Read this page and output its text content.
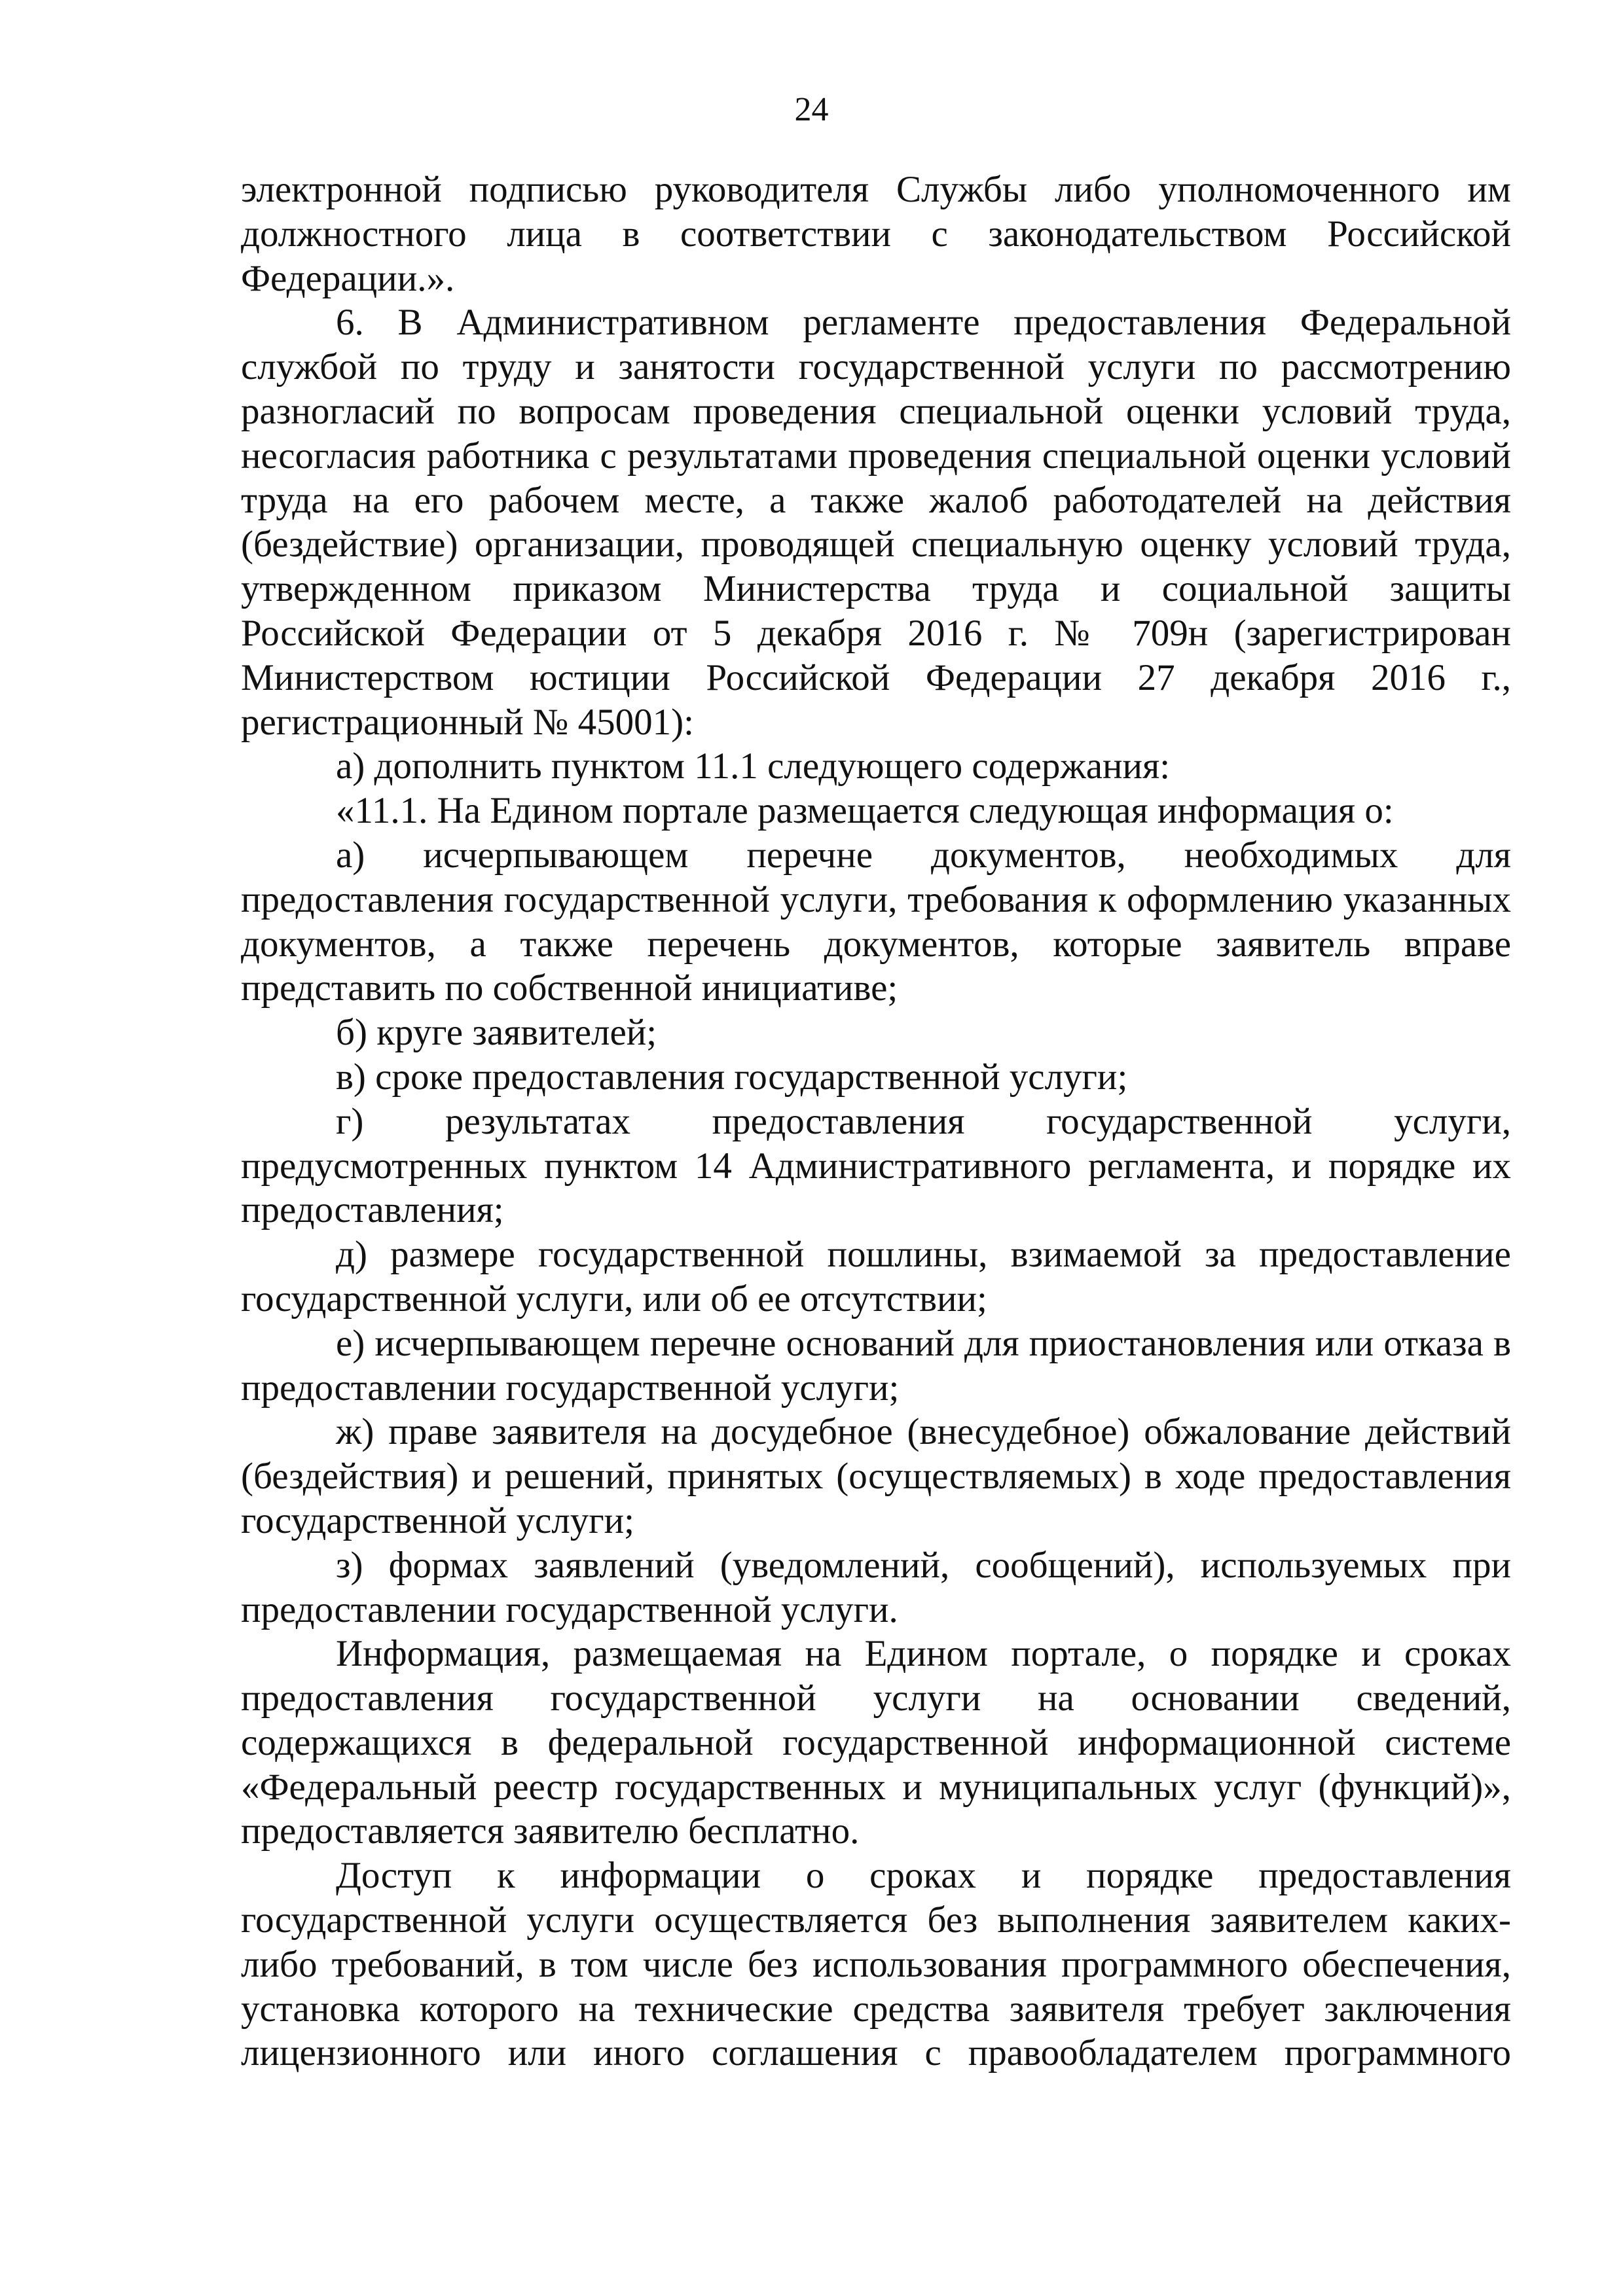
24

электронной подписью руководителя Службы либо уполномоченного им должностного лица в соответствии с законодательством Российской Федерации.».

6. В Административном регламенте предоставления Федеральной службой по труду и занятости государственной услуги по рассмотрению разногласий по вопросам проведения специальной оценки условий труда, несогласия работника с результатами проведения специальной оценки условий труда на его рабочем месте, а также жалоб работодателей на действия (бездействие) организации, проводящей специальную оценку условий труда, утвержденном приказом Министерства труда и социальной защиты Российской Федерации от 5 декабря 2016 г. № 709н (зарегистрирован Министерством юстиции Российской Федерации 27 декабря 2016 г., регистрационный № 45001):

а) дополнить пунктом 11.1 следующего содержания:

«11.1. На Едином портале размещается следующая информация о:

а) исчерпывающем перечне документов, необходимых для предоставления государственной услуги, требования к оформлению указанных документов, а также перечень документов, которые заявитель вправе представить по собственной инициативе;

б) круге заявителей;

в) сроке предоставления государственной услуги;

г) результатах предоставления государственной услуги, предусмотренных пунктом 14 Административного регламента, и порядке их предоставления;

д) размере государственной пошлины, взимаемой за предоставление государственной услуги, или об ее отсутствии;

е) исчерпывающем перечне оснований для приостановления или отказа в предоставлении государственной услуги;

ж) праве заявителя на досудебное (внесудебное) обжалование действий (бездействия) и решений, принятых (осуществляемых) в ходе предоставления государственной услуги;

з) формах заявлений (уведомлений, сообщений), используемых при предоставлении государственной услуги.

Информация, размещаемая на Едином портале, о порядке и сроках предоставления государственной услуги на основании сведений, содержащихся в федеральной государственной информационной системе «Федеральный реестр государственных и муниципальных услуг (функций)», предоставляется заявителю бесплатно.

Доступ к информации о сроках и порядке предоставления государственной услуги осуществляется без выполнения заявителем каких-либо требований, в том числе без использования программного обеспечения, установка которого на технические средства заявителя требует заключения лицензионного или иного соглашения с правообладателем программного
